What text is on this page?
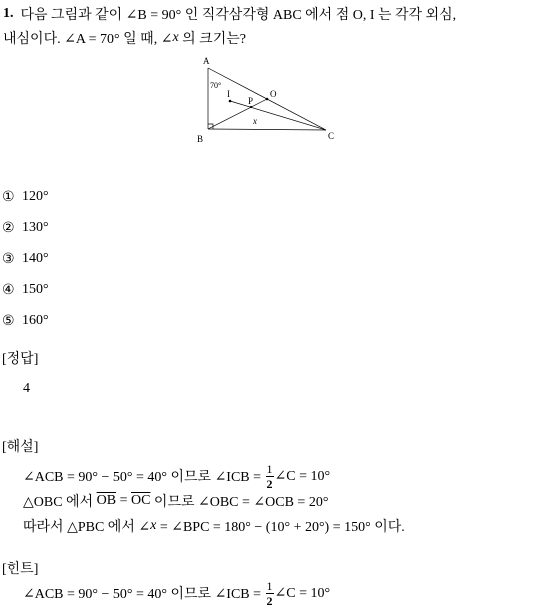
1. 다음 그림과 같이 ∠B = 90° 인 직각삼각형 ABC 에서 점 O, I 는 각각 외심,
내심이다. ∠A = 70° 일 때, ∠ x 의 크기는?
A
B	C
I
P
O
70°
x
① 120°
② 130°
③ 140°
④ 150°
⑤ 160°
[정답]
4
[해설]
∠ACB = 90° − 50° = 40° 이므로 ∠ICB = $\frac{1}{2}$ ∠C = 10°
△OBC 에서 $\overline{OB} = \overline{OC}$ 이므로 ∠OBC = ∠OCB = 20°
따라서 △PBC 에서 ∠ x = ∠BPC = 180° − (10° + 20°) = 150° 이다.
[힌트]
∠ACB = 90° − 50° = 40° 이므로 ∠ICB = $\frac{1}{2}$ ∠C = 10°
